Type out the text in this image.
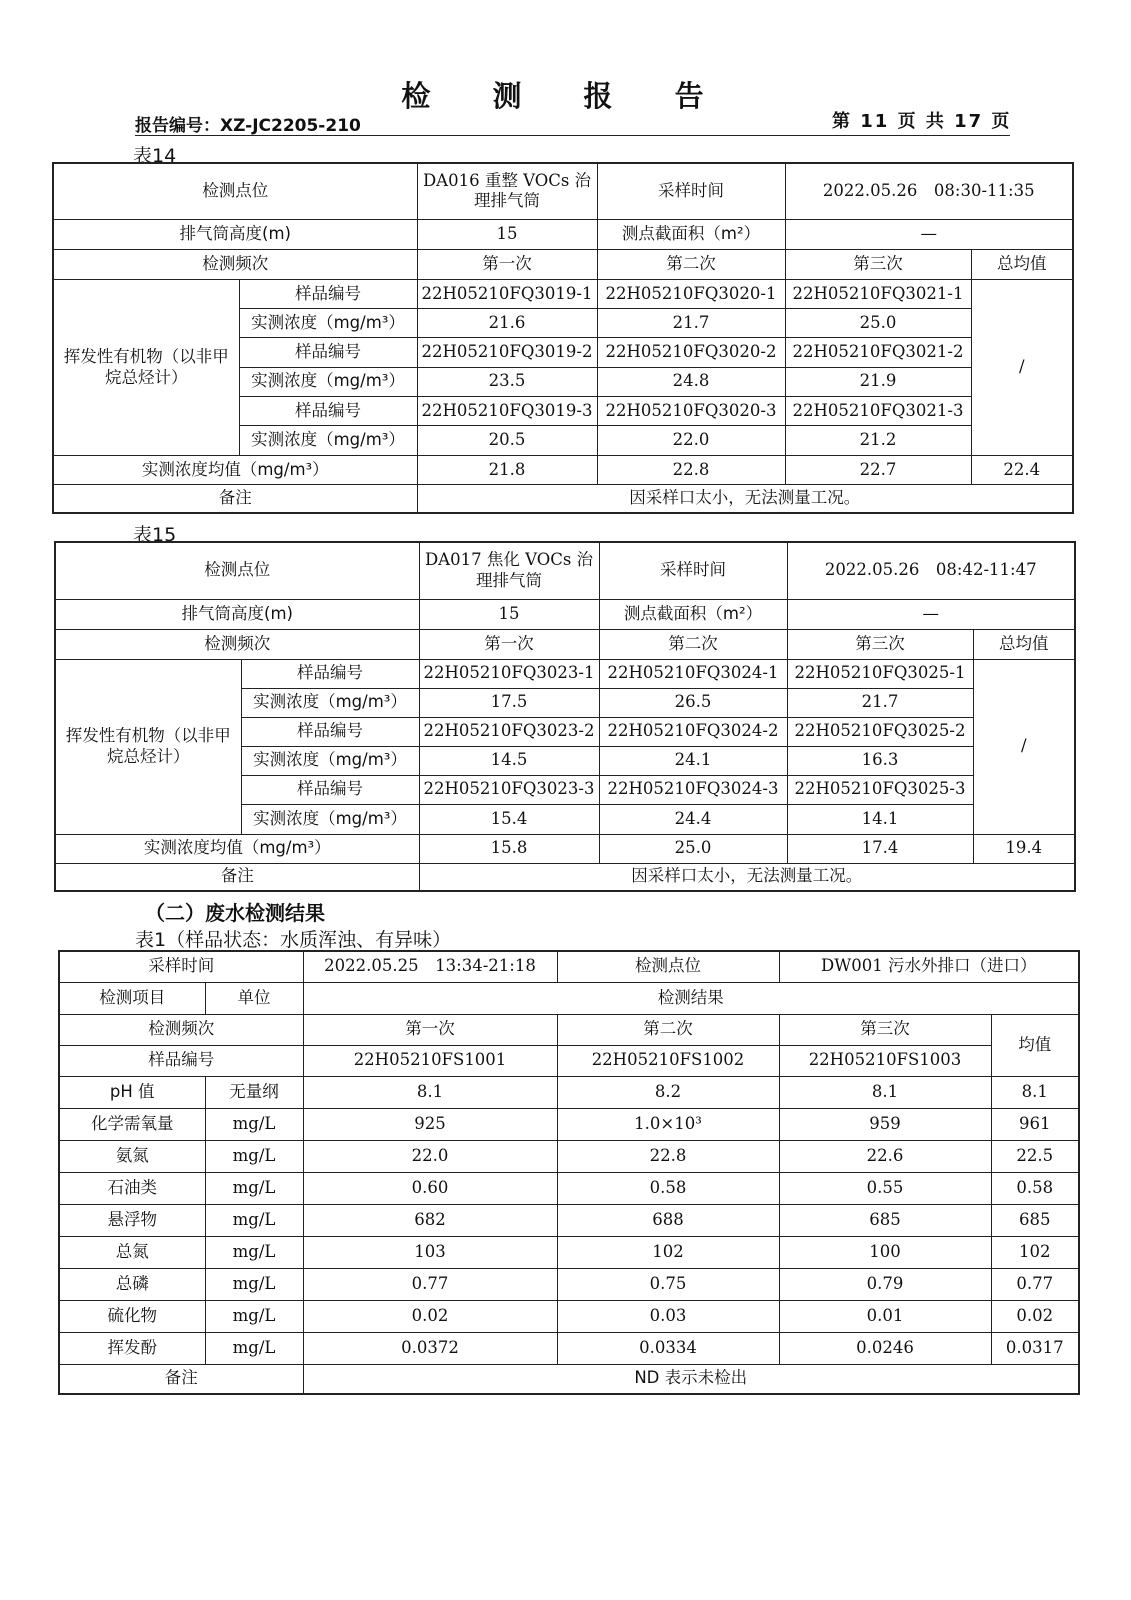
检 测 报 告
报告编号：XZ-JC2205-210	第 11 页 共 17 页
表14
检测点位		DA016 重整 VOCs 治理排气筒	采样时间	2022.05.26　08:30-11:35	
排气筒高度(m)		15	测点截面积（m²）	—	
检测频次		第一次	第二次	第三次	总均值
挥发性有机物（以非甲烷总烃计）	样品编号	22H05210FQ3019-1	22H05210FQ3020-1	22H05210FQ3021-1	/
	实测浓度（mg/m³）	21.6	21.7	25.0	
	样品编号	22H05210FQ3019-2	22H05210FQ3020-2	22H05210FQ3021-2	
	实测浓度（mg/m³）	23.5	24.8	21.9	
	样品编号	22H05210FQ3019-3	22H05210FQ3020-3	22H05210FQ3021-3	
	实测浓度（mg/m³）	20.5	22.0	21.2	
实测浓度均值（mg/m³）		21.8	22.8	22.7	22.4
备注		因采样口太小，无法测量工况。			
表15
检测点位		DA017 焦化 VOCs 治理排气筒	采样时间	2022.05.26　08:42-11:47	
排气筒高度(m)		15	测点截面积（m²）	—	
检测频次		第一次	第二次	第三次	总均值
挥发性有机物（以非甲烷总烃计）	样品编号	22H05210FQ3023-1	22H05210FQ3024-1	22H05210FQ3025-1	/
	实测浓度（mg/m³）	17.5	26.5	21.7	
	样品编号	22H05210FQ3023-2	22H05210FQ3024-2	22H05210FQ3025-2	
	实测浓度（mg/m³）	14.5	24.1	16.3	
	样品编号	22H05210FQ3023-3	22H05210FQ3024-3	22H05210FQ3025-3	
	实测浓度（mg/m³）	15.4	24.4	14.1	
实测浓度均值（mg/m³）		15.8	25.0	17.4	19.4
备注		因采样口太小，无法测量工况。			
（二）废水检测结果
表1（样品状态：水质浑浊、有异味）
采样时间		2022.05.25　13:34-21:18	检测点位	DW001 污水外排口（进口）	
检测项目	单位	检测结果			
检测频次		第一次	第二次	第三次	均值
样品编号		22H05210FS1001	22H05210FS1002	22H05210FS1003	
pH 值	无量纲	8.1	8.2	8.1	8.1
化学需氧量	mg/L	925	1.0×10³	959	961
氨氮	mg/L	22.0	22.8	22.6	22.5
石油类	mg/L	0.60	0.58	0.55	0.58
悬浮物	mg/L	682	688	685	685
总氮	mg/L	103	102	100	102
总磷	mg/L	0.77	0.75	0.79	0.77
硫化物	mg/L	0.02	0.03	0.01	0.02
挥发酚	mg/L	0.0372	0.0334	0.0246	0.0317
备注		ND 表示未检出			
